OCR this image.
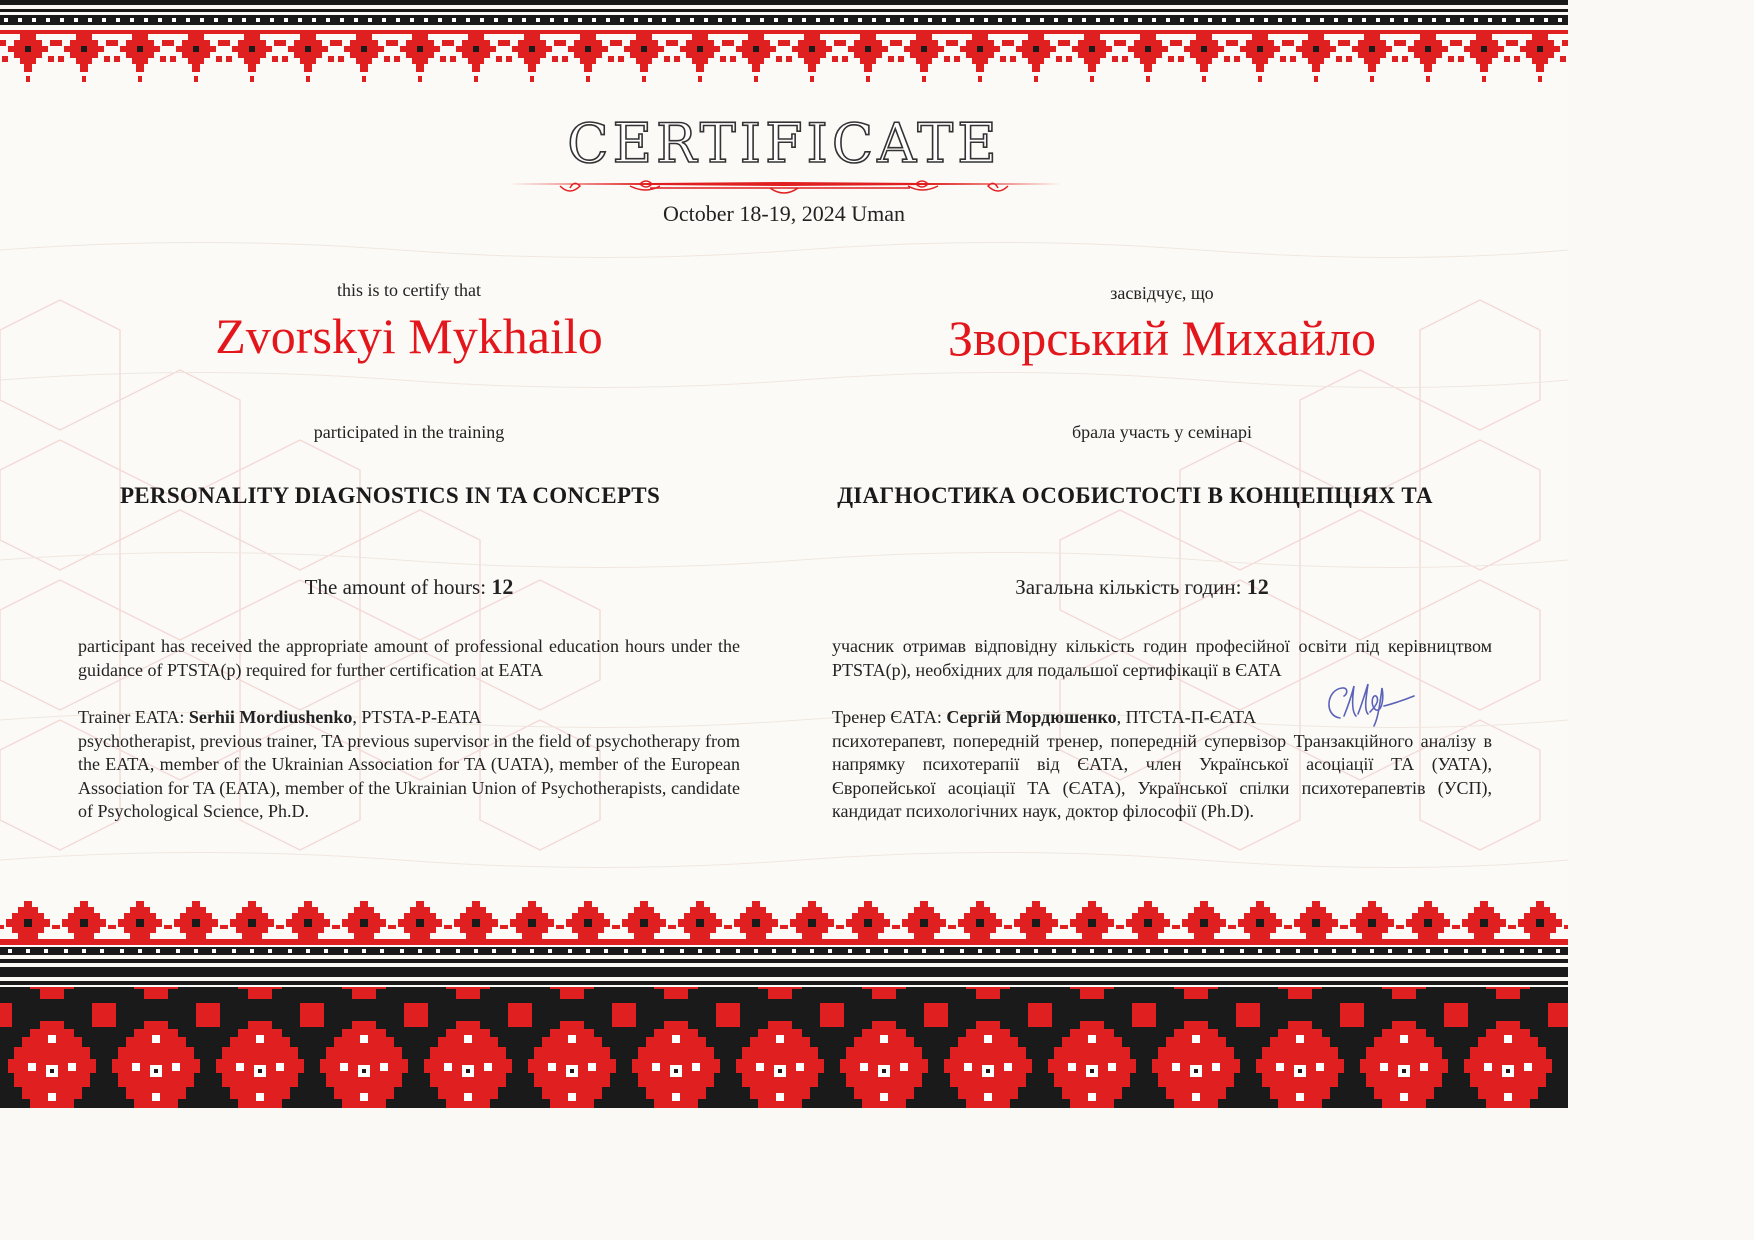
CERTIFICATE
October 18-19, 2024 Uman
this is to certify that
Zvorskyi Mykhailo
participated in the training
PERSONALITY DIAGNOSTICS IN TA CONCEPTS
The amount of hours: 12
participant has received the appropriate amount of professional education hours under the guidance of PTSTA(p) required for further certification at EATA
Trainer EATA: Serhii Mordiushenko, PTSTA-P-EATA
psychotherapist, previous trainer, TA previous supervisor in the field of psychotherapy from the EATA, member of the Ukrainian Association for TA (UATA), member of the European Association for TA (EATA), member of the Ukrainian Union of Psychotherapists, candidate of Psychological Science, Ph.D.
засвідчує, що
Зворський Михайло
брала участь у семінарі
ДІАГНОСТИКА ОСОБИСТОСТІ В КОНЦЕПЦІЯХ ТА
Загальна кількість годин: 12
учасник отримав відповідну кількість годин професійної освіти під керівництвом PTSTA(p), необхідних для подальшої сертифікації в ЄАТА
Тренер ЄАТА: Сергій Мордюшенко, ПТСТА-П-ЄАТА
психотерапевт, попередній тренер, попередній супервізор Транзакційного аналізу в напрямку психотерапії від ЄАТА, член Української асоціації ТА (УАТА), Європейської асоціації ТА (ЄАТА), Української спілки психотерапевтів (УСП), кандидат психологічних наук, доктор філософії (Ph.D).
